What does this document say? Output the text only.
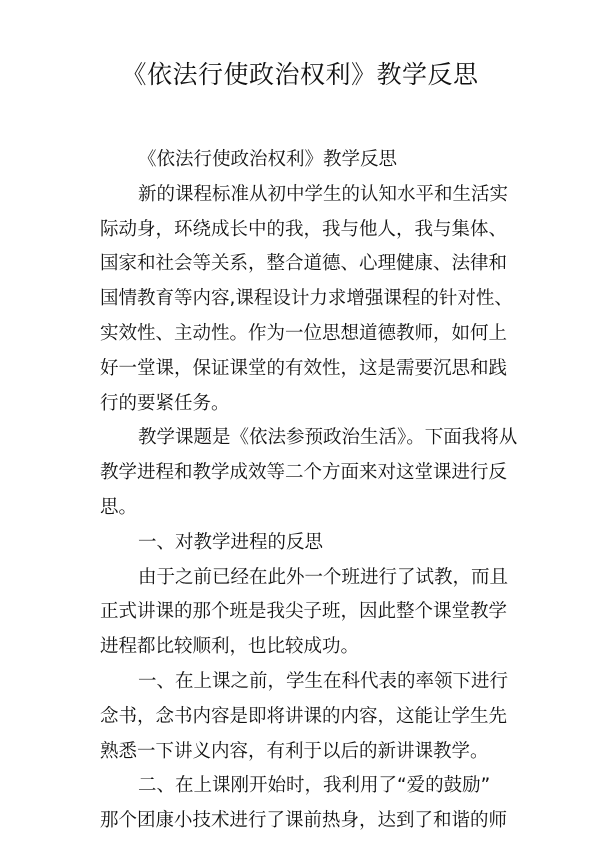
《依法行使政治权利》教学反思
《依法行使政治权利》教学反思
新的课程标准从初中学生的认知水平和生活实
际动身，环绕成长中的我，我与他人，我与集体、
国家和社会等关系，整合道德、心理健康、法律和
国情教育等内容,课程设计力求增强课程的针对性、
实效性、主动性。作为一位思想道德教师，如何上
好一堂课，保证课堂的有效性，这是需要沉思和践
行的要紧任务。
教学课题是《依法参预政治生活》。下面我将从
教学进程和教学成效等二个方面来对这堂课进行反
思。
一、对教学进程的反思
由于之前已经在此外一个班进行了试教，而且
正式讲课的那个班是我尖子班，因此整个课堂教学
进程都比较顺利，也比较成功。
一、在上课之前，学生在科代表的率领下进行
念书，念书内容是即将讲课的内容，这能让学生先
熟悉一下讲义内容，有利于以后的新讲课教学。
二、在上课刚开始时，我利用了“爱的鼓励”
那个团康小技术进行了课前热身，达到了和谐的师
